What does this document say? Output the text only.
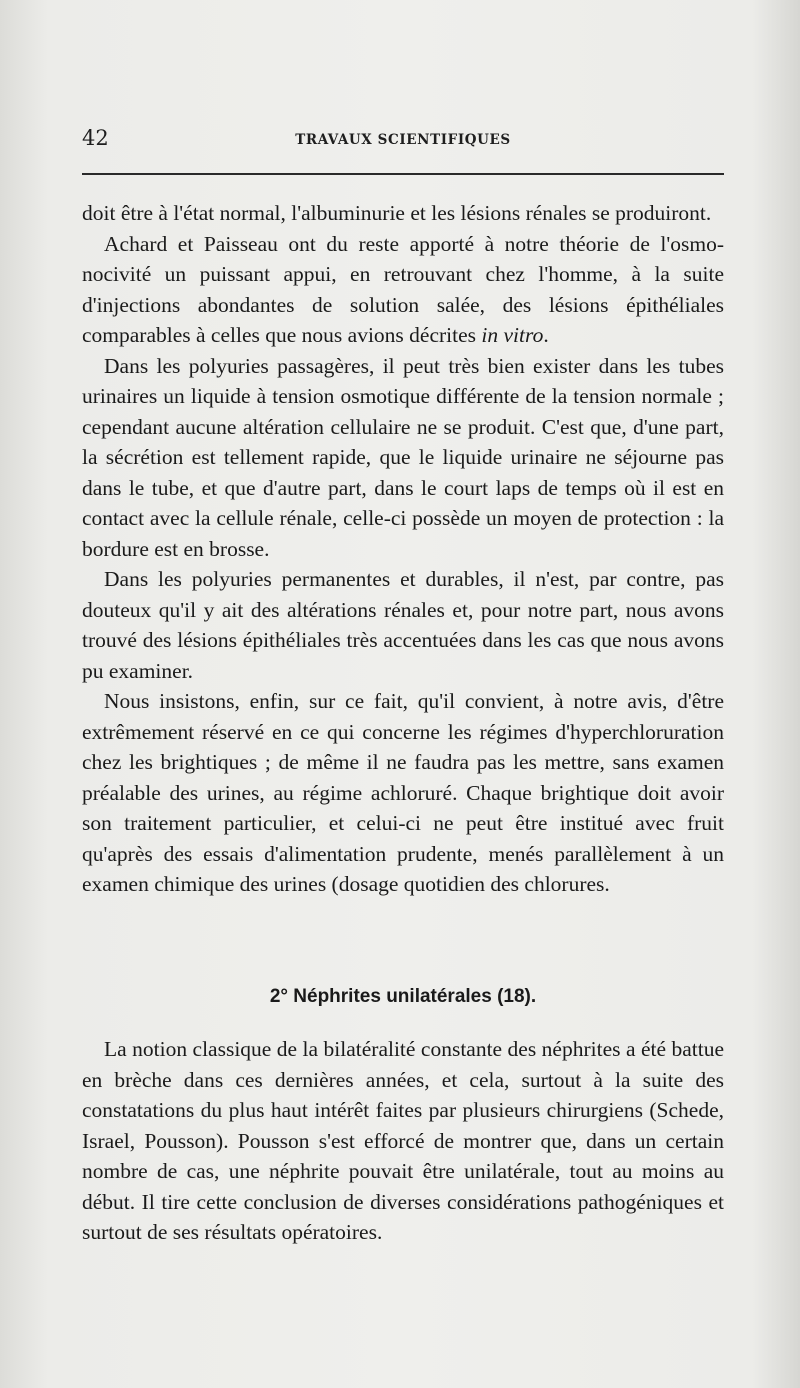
42	TRAVAUX SCIENTIFIQUES

doit être à l'état normal, l'albuminurie et les lésions rénales se produiront.

Achard et Paisseau ont du reste apporté à notre théorie de l'osmonocivité un puissant appui, en retrouvant chez l'homme, à la suite d'injections abondantes de solution salée, des lésions épithéliales comparables à celles que nous avions décrites in vitro.

Dans les polyuries passagères, il peut très bien exister dans les tubes urinaires un liquide à tension osmotique différente de la tension normale ; cependant aucune altération cellulaire ne se produit. C'est que, d'une part, la sécrétion est tellement rapide, que le liquide urinaire ne séjourne pas dans le tube, et que d'autre part, dans le court laps de temps où il est en contact avec la cellule rénale, celle-ci possède un moyen de protection : la bordure est en brosse.

Dans les polyuries permanentes et durables, il n'est, par contre, pas douteux qu'il y ait des altérations rénales et, pour notre part, nous avons trouvé des lésions épithéliales très accentuées dans les cas que nous avons pu examiner.

Nous insistons, enfin, sur ce fait, qu'il convient, à notre avis, d'être extrêmement réservé en ce qui concerne les régimes d'hyperchloruration chez les brightiques ; de même il ne faudra pas les mettre, sans examen préalable des urines, au régime achloruré. Chaque brightique doit avoir son traitement particulier, et celui-ci ne peut être institué avec fruit qu'après des essais d'alimentation prudente, menés parallèlement à un examen chimique des urines (dosage quotidien des chlorures.

2° Néphrites unilatérales (18).

La notion classique de la bilatéralité constante des néphrites a été battue en brèche dans ces dernières années, et cela, surtout à la suite des constatations du plus haut intérêt faites par plusieurs chirurgiens (Schede, Israel, Pousson). Pousson s'est efforcé de montrer que, dans un certain nombre de cas, une néphrite pouvait être unilatérale, tout au moins au début. Il tire cette conclusion de diverses considérations pathogéniques et surtout de ses résultats opératoires.
